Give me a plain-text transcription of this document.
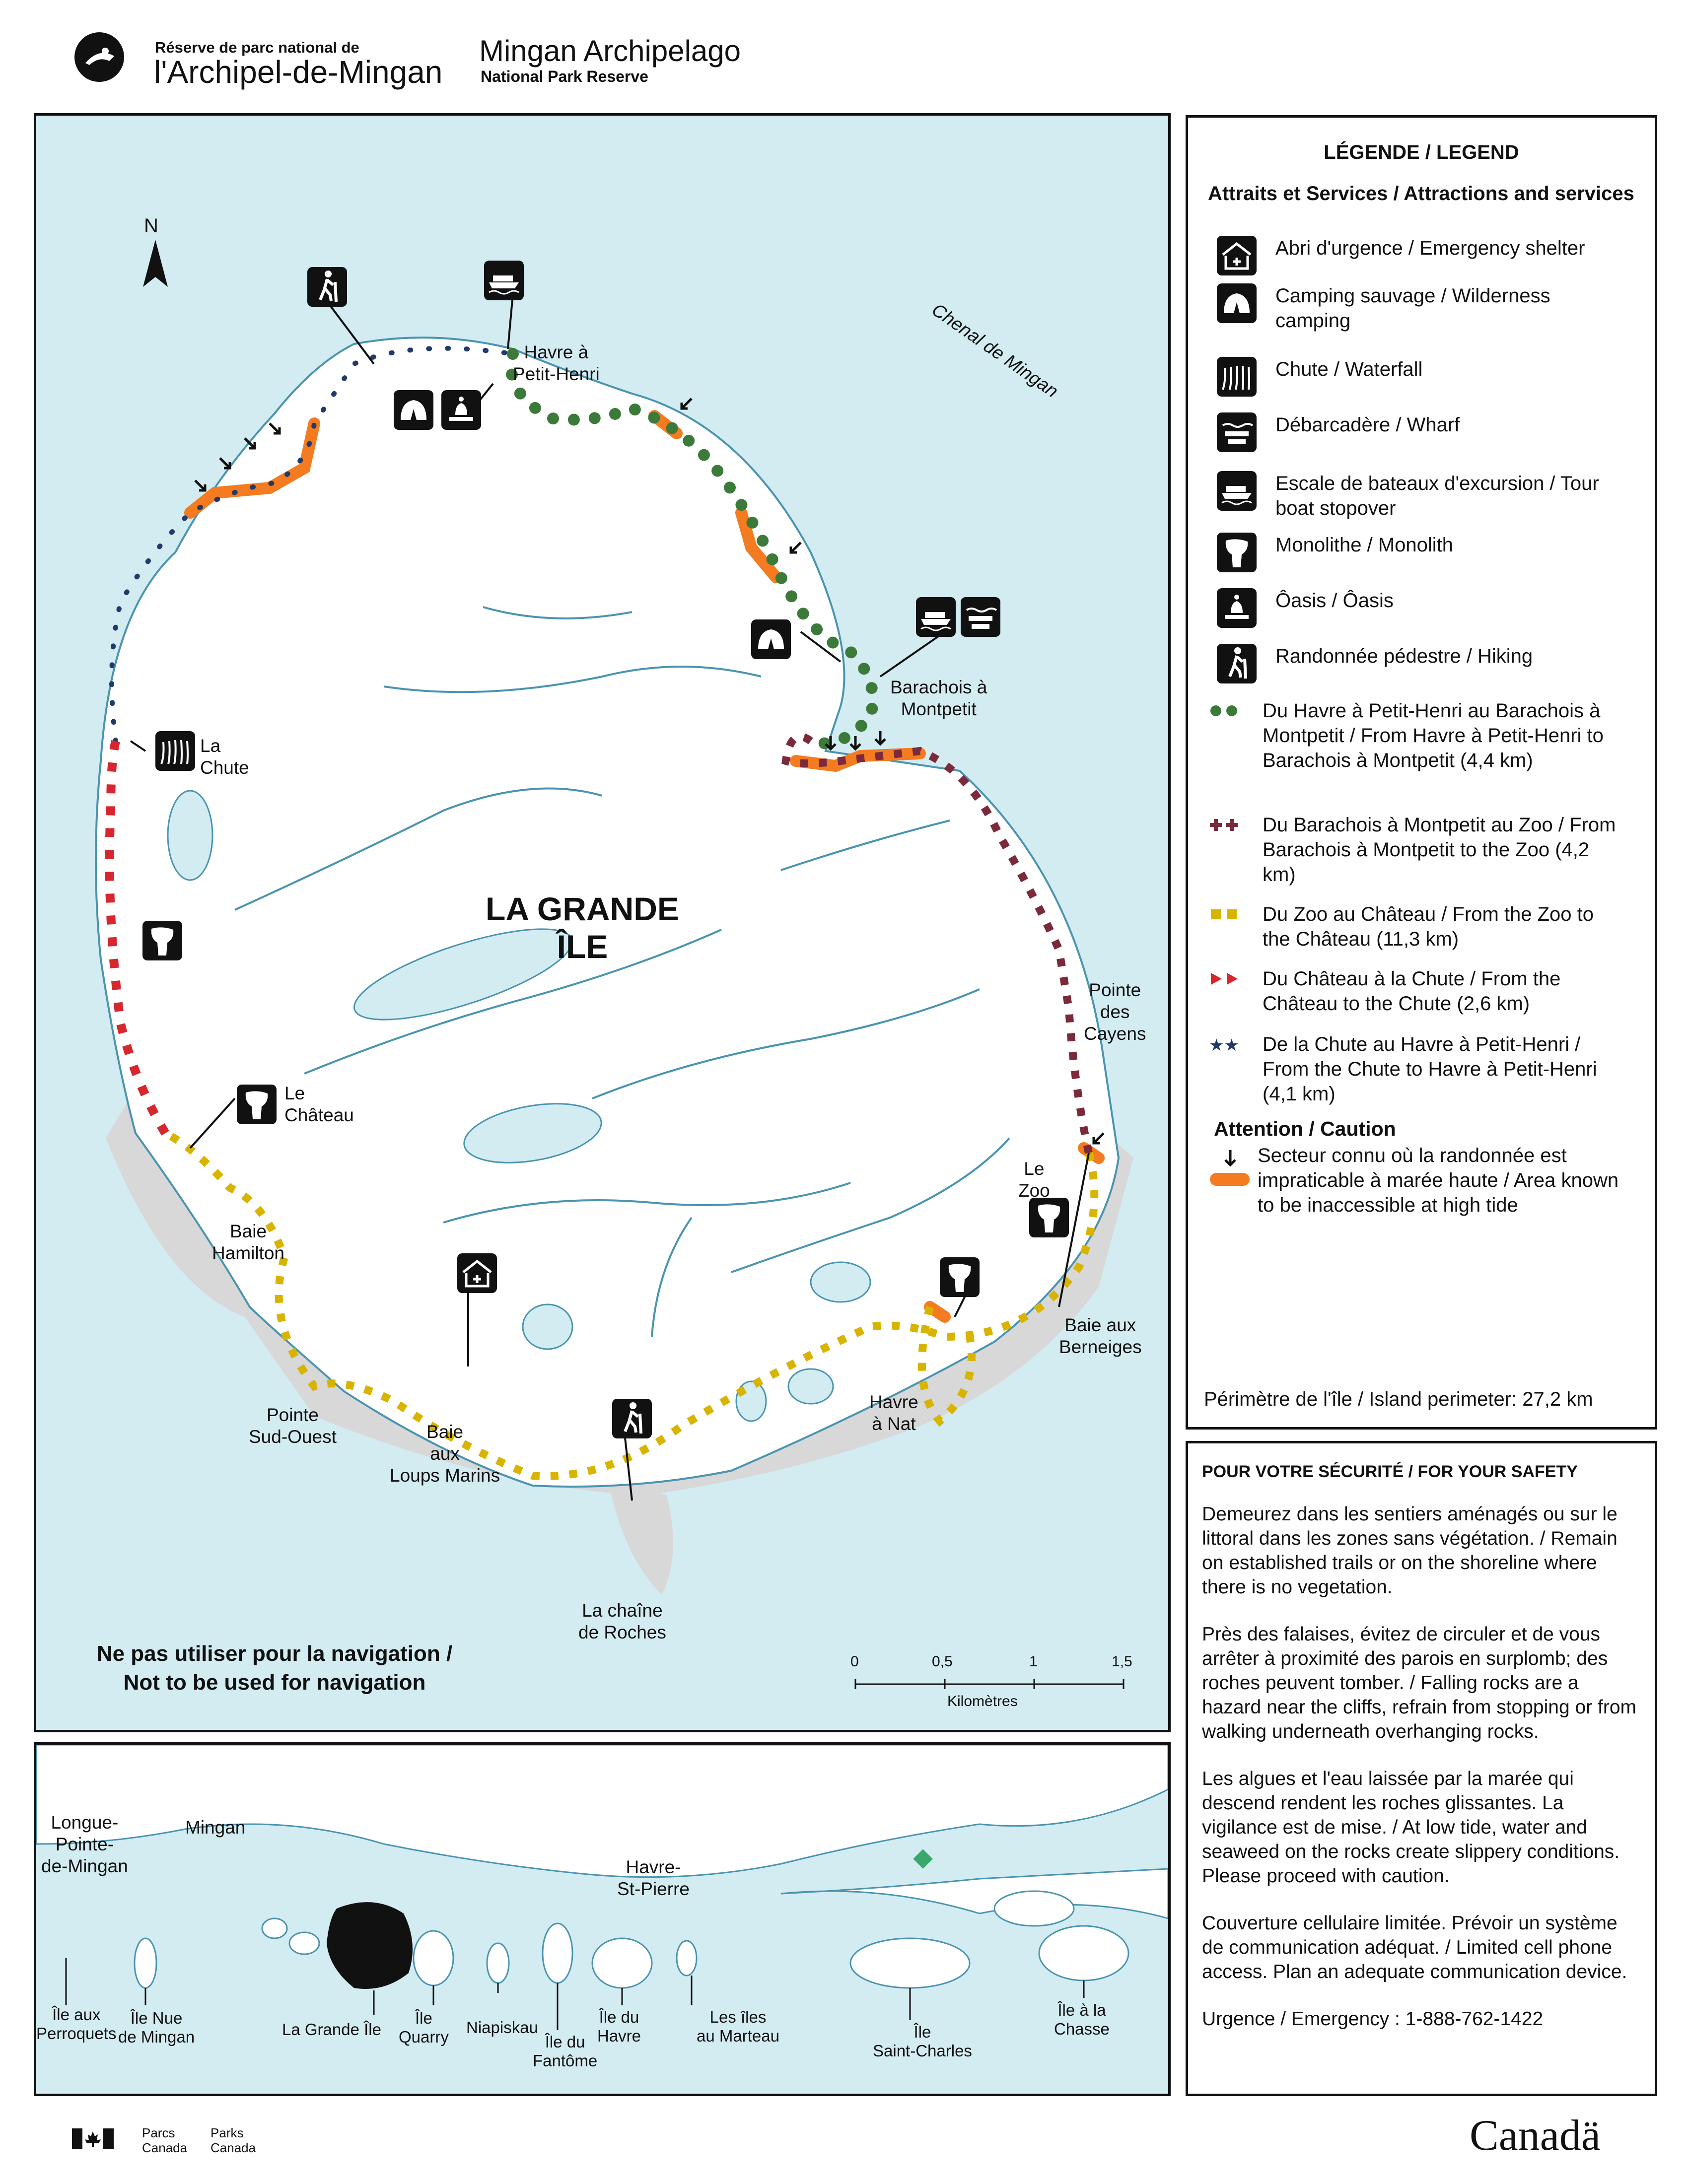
Réserve de parc national de
l'Archipel-de-Mingan
Mingan Archipelago
National Park Reserve
N
Chenal de Mingan
LA GRANDE
ÎLE
Havre à
Petit-Henri
Barachois à
Montpetit
La
Chute
Le
Château
Pointe
des
Cayens
Le
Zoo
Baie
Hamilton
Baie aux
Berneiges
Pointe
Sud-Ouest	Baie
aux
Loups Marins
Havre
à Nat
La chaîne
de Roches
Ne pas utiliser pour la navigation /
Not to be used for navigation
0	0,5	1	1,5
Kilomètres
LÉGENDE / LEGEND
Attraits et Services / Attractions and services
Abri d'urgence / Emergency shelter
Camping sauvage / Wilderness camping
Chute / Waterfall
Débarcadère / Wharf
Escale de bateaux d'excursion / Tour boat stopover
Monolithe / Monolith
Ôasis / Ôasis
Randonnée pédestre / Hiking
Du Havre à Petit-Henri au Barachois à Montpetit / From Havre à Petit-Henri to Barachois à Montpetit (4,4 km)
Du Barachois à Montpetit au Zoo / From Barachois à Montpetit to the Zoo (4,2 km)
Du Zoo au Château / From the Zoo to the Château (11,3 km)
Du Château à la Chute / From the Château to the Chute (2,6 km)
★★ De la Chute au Havre à Petit-Henri / From the Chute to Havre à Petit-Henri (4,1 km)
Attention / Caution
Secteur connu où la randonnée est impraticable à marée haute / Area known to be inaccessible at high tide
Périmètre de l'île / Island perimeter: 27,2 km
POUR VOTRE SÉCURITÉ / FOR YOUR SAFETY

Demeurez dans les sentiers aménagés ou sur le littoral dans les zones sans végétation. / Remain on established trails or on the shoreline where there is no vegetation.

Près des falaises, évitez de circuler et de vous arrêter à proximité des parois en surplomb; des roches peuvent tomber. / Falling rocks are a hazard near the cliffs, refrain from stopping or from walking underneath overhanging rocks.

Les algues et l'eau laissée par la marée qui descend rendent les roches glissantes. La vigilance est de mise. / At low tide, water and seaweed on the rocks create slippery conditions. Please proceed with caution.

Couverture cellulaire limitée. Prévoir un système de communication adéquat. / Limited cell phone access. Plan an adequate communication device.

Urgence / Emergency : 1-888-762-1422

Longue-
Pointe-
de-Mingan
Mingan
Havre-
St-Pierre
Île aux
Perroquets
Île Nue
de Mingan	La Grande Île
Île
Quarry
Niapiskau
Île du
Fantôme
Île du
Havre
Les îles
au Marteau	Île
Saint-Charles
Île à la
Chasse
Parcs
Canada
Parks
Canada	Canadä
